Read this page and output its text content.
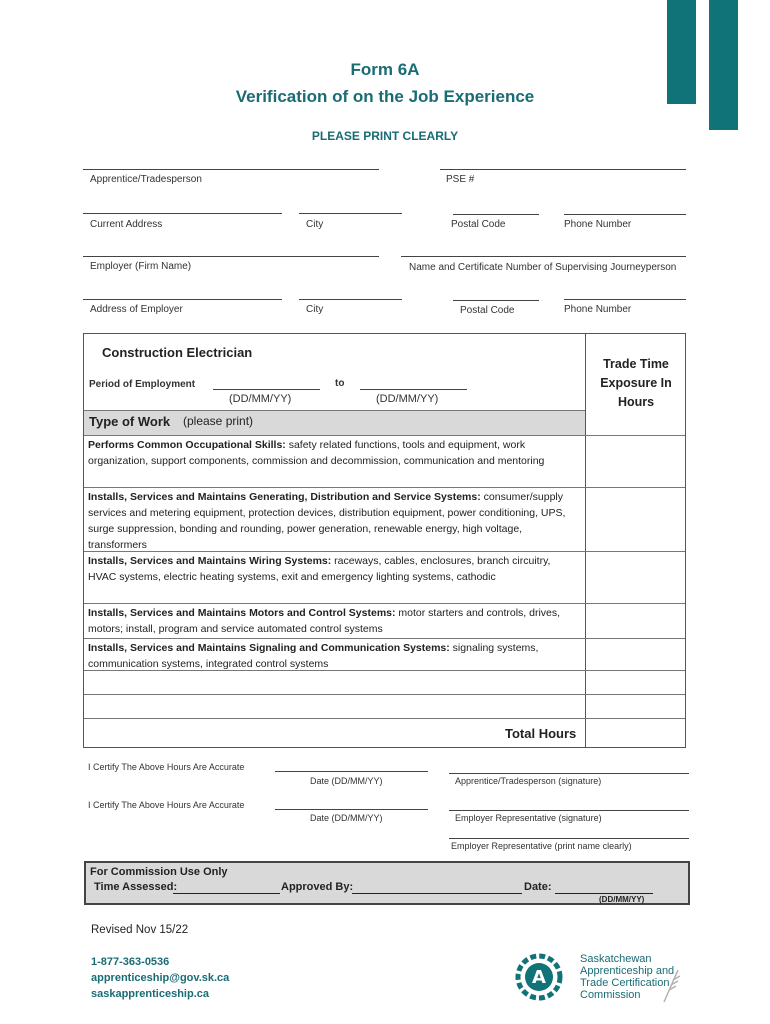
Form 6A
Verification of on the Job Experience
PLEASE PRINT CLEARLY
Apprentice/Tradesperson	PSE #
Current Address	City	Postal Code	Phone Number
Employer (Firm Name)	Name and Certificate Number of Supervising Journeyperson
Address of Employer	City	Postal Code	Phone Number
Construction Electrician
Period of Employment	to
(DD/MM/YY)	(DD/MM/YY)
Trade Time Exposure In Hours
Type of Work (please print)
Performs Common Occupational Skills: safety related functions, tools and equipment, work organization, support components, commission and decommission, communication and mentoring
Installs, Services and Maintains Generating, Distribution and Service Systems: consumer/supply services and metering equipment, protection devices, distribution equipment, power conditioning, UPS, surge suppression, bonding and rounding, power generation, renewable energy, high voltage, transformers
Installs, Services and Maintains Wiring Systems: raceways, cables, enclosures, branch circuitry, HVAC systems, electric heating systems, exit and emergency lighting systems, cathodic
Installs, Services and Maintains Motors and Control Systems: motor starters and controls, drives, motors; install, program and service automated control systems
Installs, Services and Maintains Signaling and Communication Systems: signaling systems, communication systems, integrated control systems
Total Hours
I Certify The Above Hours Are Accurate
Date (DD/MM/YY)	Apprentice/Tradesperson (signature)
I Certify The Above Hours Are Accurate
Date (DD/MM/YY)	Employer Representative (signature)
Employer Representative (print name clearly)
For Commission Use Only
Time Assessed:	Approved By:	Date:
(DD/MM/YY)
Revised Nov 15/22
1-877-363-0536
apprenticeship@gov.sk.ca
saskapprenticeship.ca
A
Saskatchewan
Apprenticeship and
Trade Certification
Commission
